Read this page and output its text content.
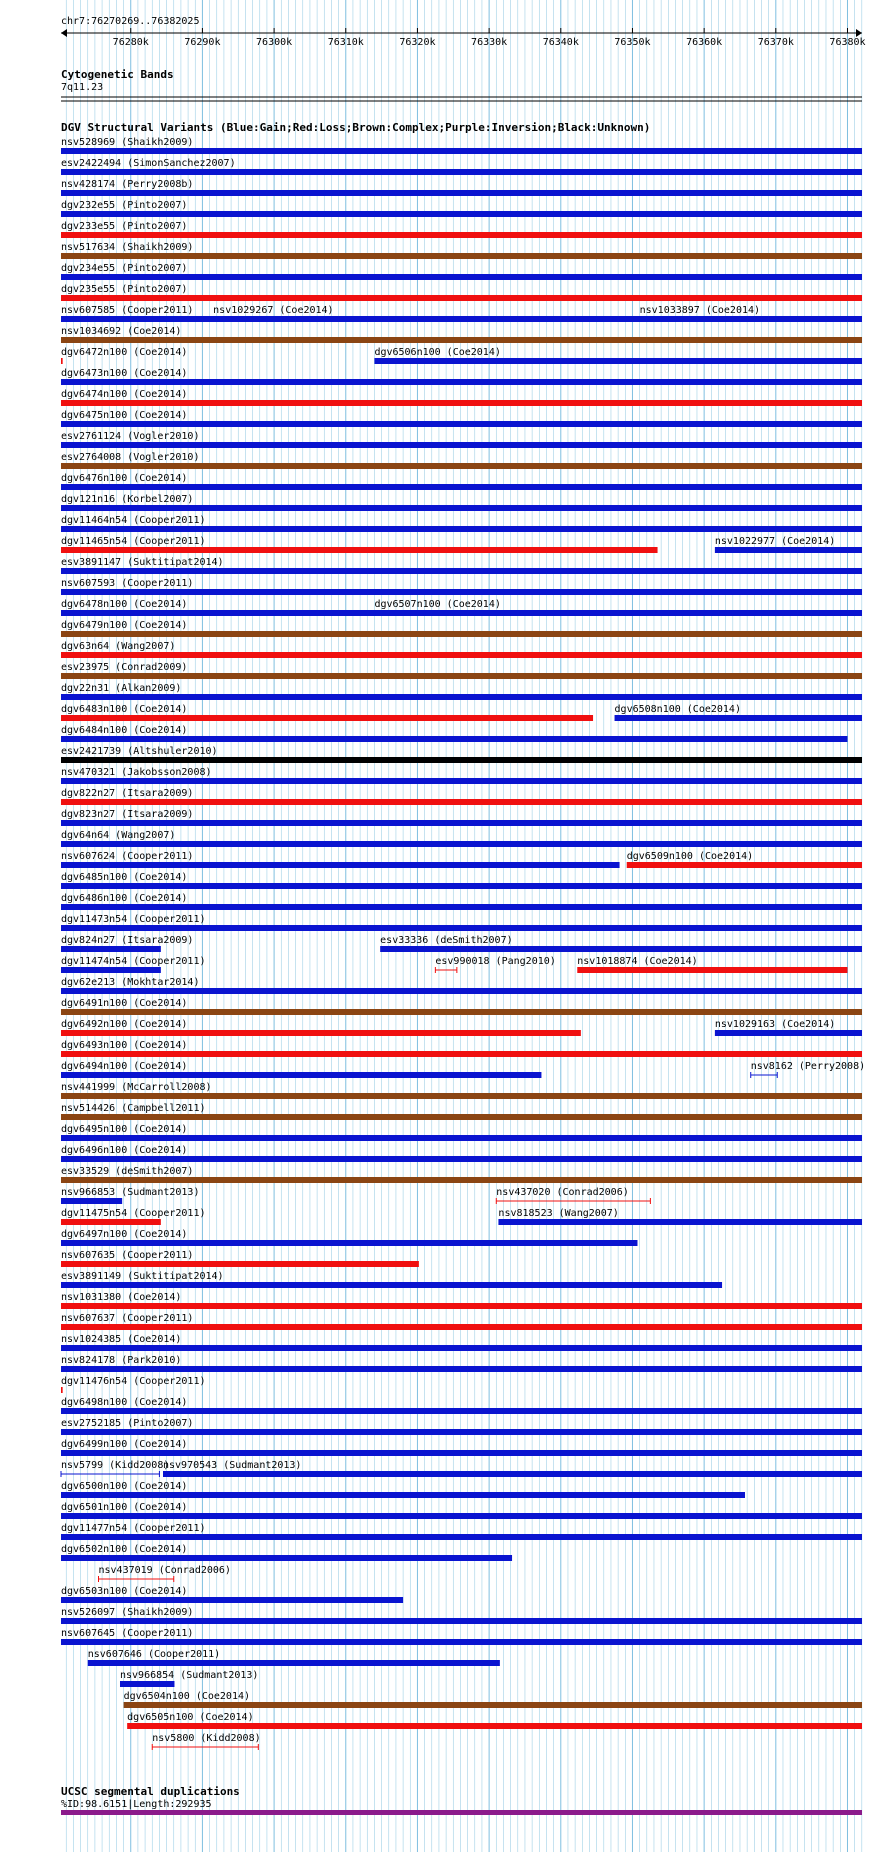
chr7:76270269..76382025
76280k	76290k	76300k	76310k	76320k	76330k	76340k	76350k	76360k	76370k	76380k
Cytogenetic Bands
7q11.23
DGV Structural Variants (Blue:Gain;Red:Loss;Brown:Complex;Purple:Inversion;Black:Unknown)
nsv528969 (Shaikh2009)
esv2422494 (SimonSanchez2007)
nsv428174 (Perry2008b)
dgv232e55 (Pinto2007)
dgv233e55 (Pinto2007)
nsv517634 (Shaikh2009)
dgv234e55 (Pinto2007)
dgv235e55 (Pinto2007)
nsv607585 (Cooper2011) nsv1029267 (Coe2014)	nsv1033897 (Coe2014)
nsv1034692 (Coe2014)
dgv6472n100 (Coe2014)	dgv6506n100 (Coe2014)
dgv6473n100 (Coe2014)
dgv6474n100 (Coe2014)
dgv6475n100 (Coe2014)
esv2761124 (Vogler2010)
esv2764008 (Vogler2010)
dgv6476n100 (Coe2014)
dgv121n16 (Korbel2007)
dgv11464n54 (Cooper2011)
dgv11465n54 (Cooper2011)	nsv1022977 (Coe2014)
esv3891147 (Suktitipat2014)
nsv607593 (Cooper2011)
dgv6478n100 (Coe2014)	dgv6507n100 (Coe2014)
dgv6479n100 (Coe2014)
dgv63n64 (Wang2007)
esv23975 (Conrad2009)
dgv22n31 (Alkan2009)
dgv6483n100 (Coe2014)	dgv6508n100 (Coe2014)
dgv6484n100 (Coe2014)
esv2421739 (Altshuler2010)
nsv470321 (Jakobsson2008)
dgv822n27 (Itsara2009)
dgv823n27 (Itsara2009)
dgv64n64 (Wang2007)
nsv607624 (Cooper2011)	dgv6509n100 (Coe2014)
dgv6485n100 (Coe2014)
dgv6486n100 (Coe2014)
dgv11473n54 (Cooper2011)
dgv824n27 (Itsara2009)	esv33336 (deSmith2007)
dgv11474n54 (Cooper2011)	esv990018 (Pang2010) nsv1018874 (Coe2014)
dgv62e213 (Mokhtar2014)
dgv6491n100 (Coe2014)
dgv6492n100 (Coe2014)	nsv1029163 (Coe2014)
dgv6493n100 (Coe2014)
dgv6494n100 (Coe2014)	nsv8162 (Perry2008)
nsv441999 (McCarroll2008)
nsv514426 (Campbell2011)
dgv6495n100 (Coe2014)
dgv6496n100 (Coe2014)
esv33529 (deSmith2007)
nsv966853 (Sudmant2013)	nsv437020 (Conrad2006)
dgv11475n54 (Cooper2011)	nsv818523 (Wang2007)
dgv6497n100 (Coe2014)
nsv607635 (Cooper2011)
esv3891149 (Suktitipat2014)
nsv1031380 (Coe2014)
nsv607637 (Cooper2011)
nsv1024385 (Coe2014)
nsv824178 (Park2010)
dgv11476n54 (Cooper2011)
dgv6498n100 (Coe2014)
esv2752185 (Pinto2007)
dgv6499n100 (Coe2014)
nsv5799 (Kidd2008)
nsv970543 (Sudmant2013)
dgv6500n100 (Coe2014)
dgv6501n100 (Coe2014)
dgv11477n54 (Cooper2011)
dgv6502n100 (Coe2014)
nsv437019 (Conrad2006)
dgv6503n100 (Coe2014)
nsv526097 (Shaikh2009)
nsv607645 (Cooper2011)
nsv607646 (Cooper2011)
nsv966854 (Sudmant2013)
dgv6504n100 (Coe2014)
dgv6505n100 (Coe2014)
nsv5800 (Kidd2008)
UCSC segmental duplications
%ID:98.6151|Length:292935
